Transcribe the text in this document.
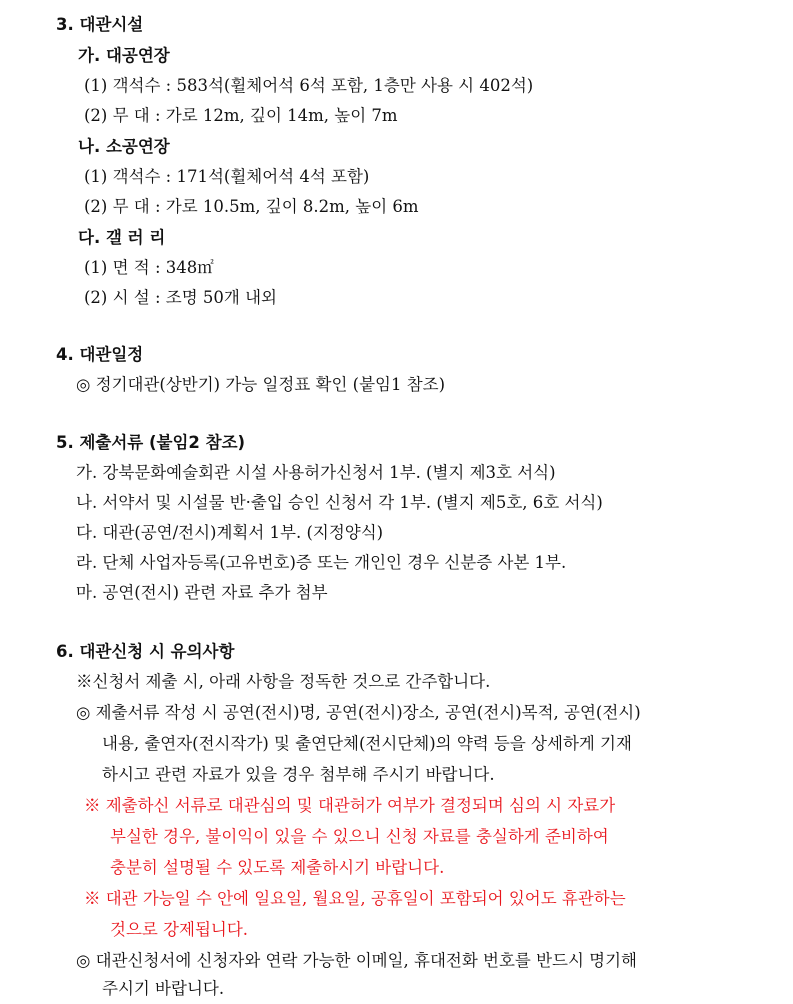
3. 대관시설
가. 대공연장
(1) 객석수 : 583석(휠체어석 6석 포함, 1층만 사용 시 402석)
(2) 무 대 : 가로 12m, 깊이 14m, 높이 7m
나. 소공연장
(1) 객석수 : 171석(휠체어석 4석 포함)
(2) 무 대 : 가로 10.5m, 깊이 8.2m, 높이 6m
다. 갤 러 리
(1) 면 적 : 348㎡
(2) 시 설 : 조명 50개 내외
4. 대관일정
◎ 정기대관(상반기) 가능 일정표 확인 (붙임1 참조)
5. 제출서류 (붙임2 참조)
가. 강북문화예술회관 시설 사용허가신청서 1부. (별지 제3호 서식)
나. 서약서 및 시설물 반·출입 승인 신청서 각 1부. (별지 제5호, 6호 서식)
다. 대관(공연/전시)계획서 1부. (지정양식)
라. 단체 사업자등록(고유번호)증 또는 개인인 경우 신분증 사본 1부.
마. 공연(전시) 관련 자료 추가 첨부
6. 대관신청 시 유의사항
※신청서 제출 시, 아래 사항을 정독한 것으로 간주합니다.
◎ 제출서류 작성 시 공연(전시)명, 공연(전시)장소, 공연(전시)목적, 공연(전시)
내용, 출연자(전시작가) 및 출연단체(전시단체)의 약력 등을 상세하게 기재
하시고 관련 자료가 있을 경우 첨부해 주시기 바랍니다.
※ 제출하신 서류로 대관심의 및 대관허가 여부가 결정되며 심의 시 자료가
부실한 경우, 불이익이 있을 수 있으니 신청 자료를 충실하게 준비하여
충분히 설명될 수 있도록 제출하시기 바랍니다.
※ 대관 가능일 수 안에 일요일, 월요일, 공휴일이 포함되어 있어도 휴관하는
것으로 강제됩니다.
◎ 대관신청서에 신청자와 연락 가능한 이메일, 휴대전화 번호를 반드시 명기해
주시기 바랍니다.
